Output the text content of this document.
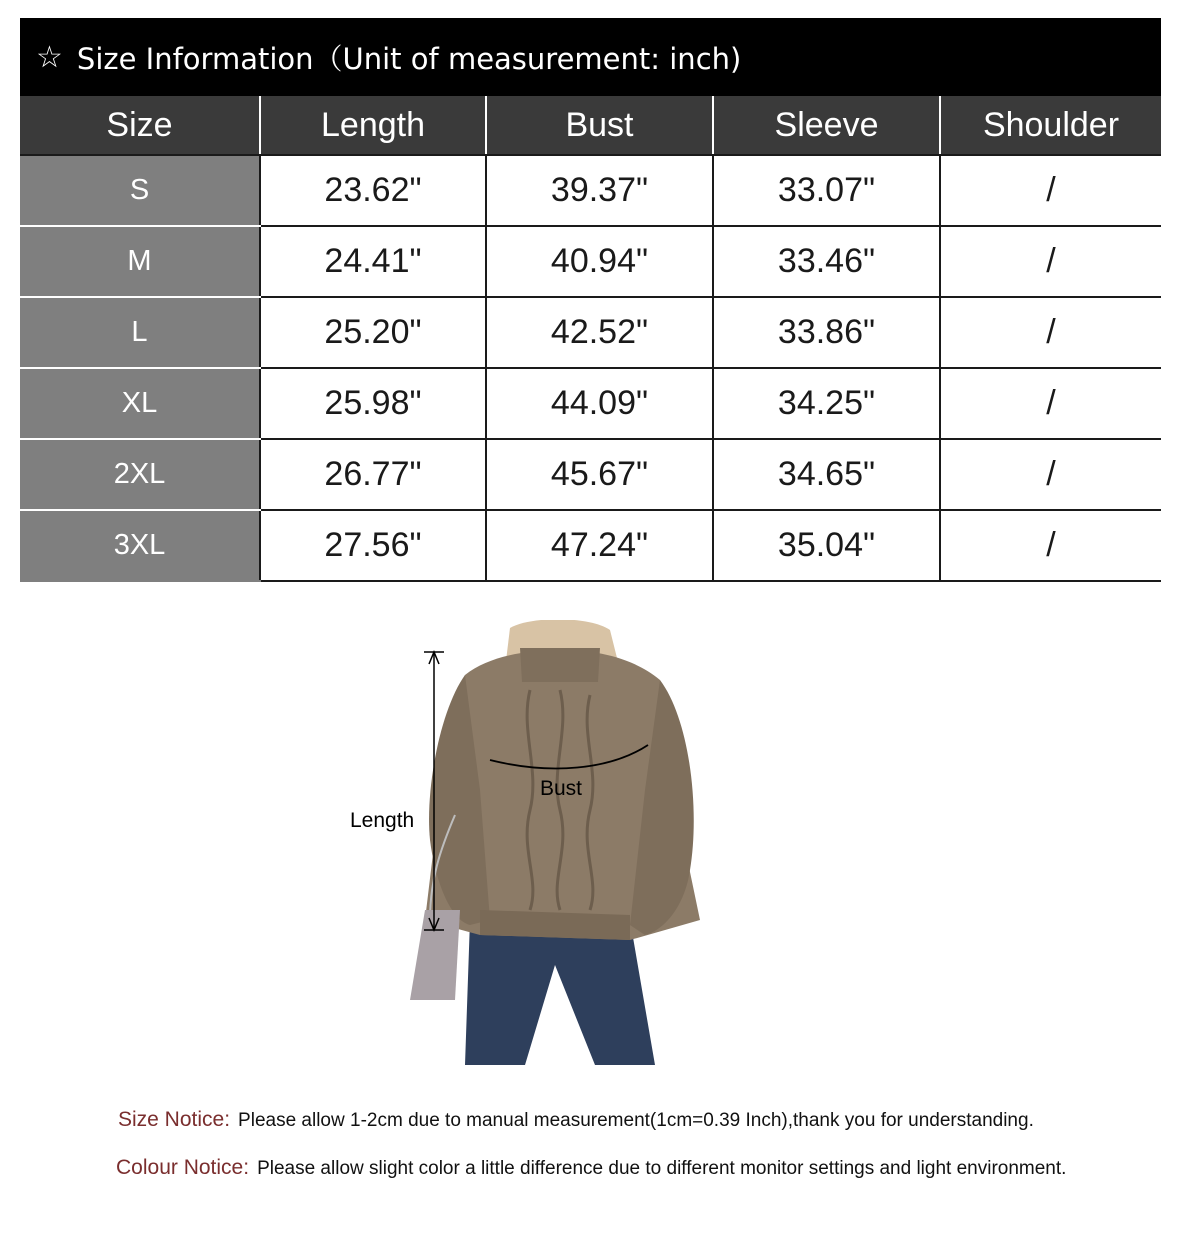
☆ Size Information（Unit of measurement: inch)
Size	Length	Bust	Sleeve	Shoulder
S	23.62"	39.37"	33.07"	/
M	24.41"	40.94"	33.46"	/
L	25.20"	42.52"	33.86"	/
XL	25.98"	44.09"	34.25"	/
2XL	26.77"	45.67"	34.65"	/
3XL	27.56"	47.24"	35.04"	/
Length
Bust
Size Notice: Please allow 1-2cm due to manual measurement(1cm=0.39 Inch),thank you for understanding.
Colour Notice: Please allow slight color a little difference due to different monitor settings and light environment.
